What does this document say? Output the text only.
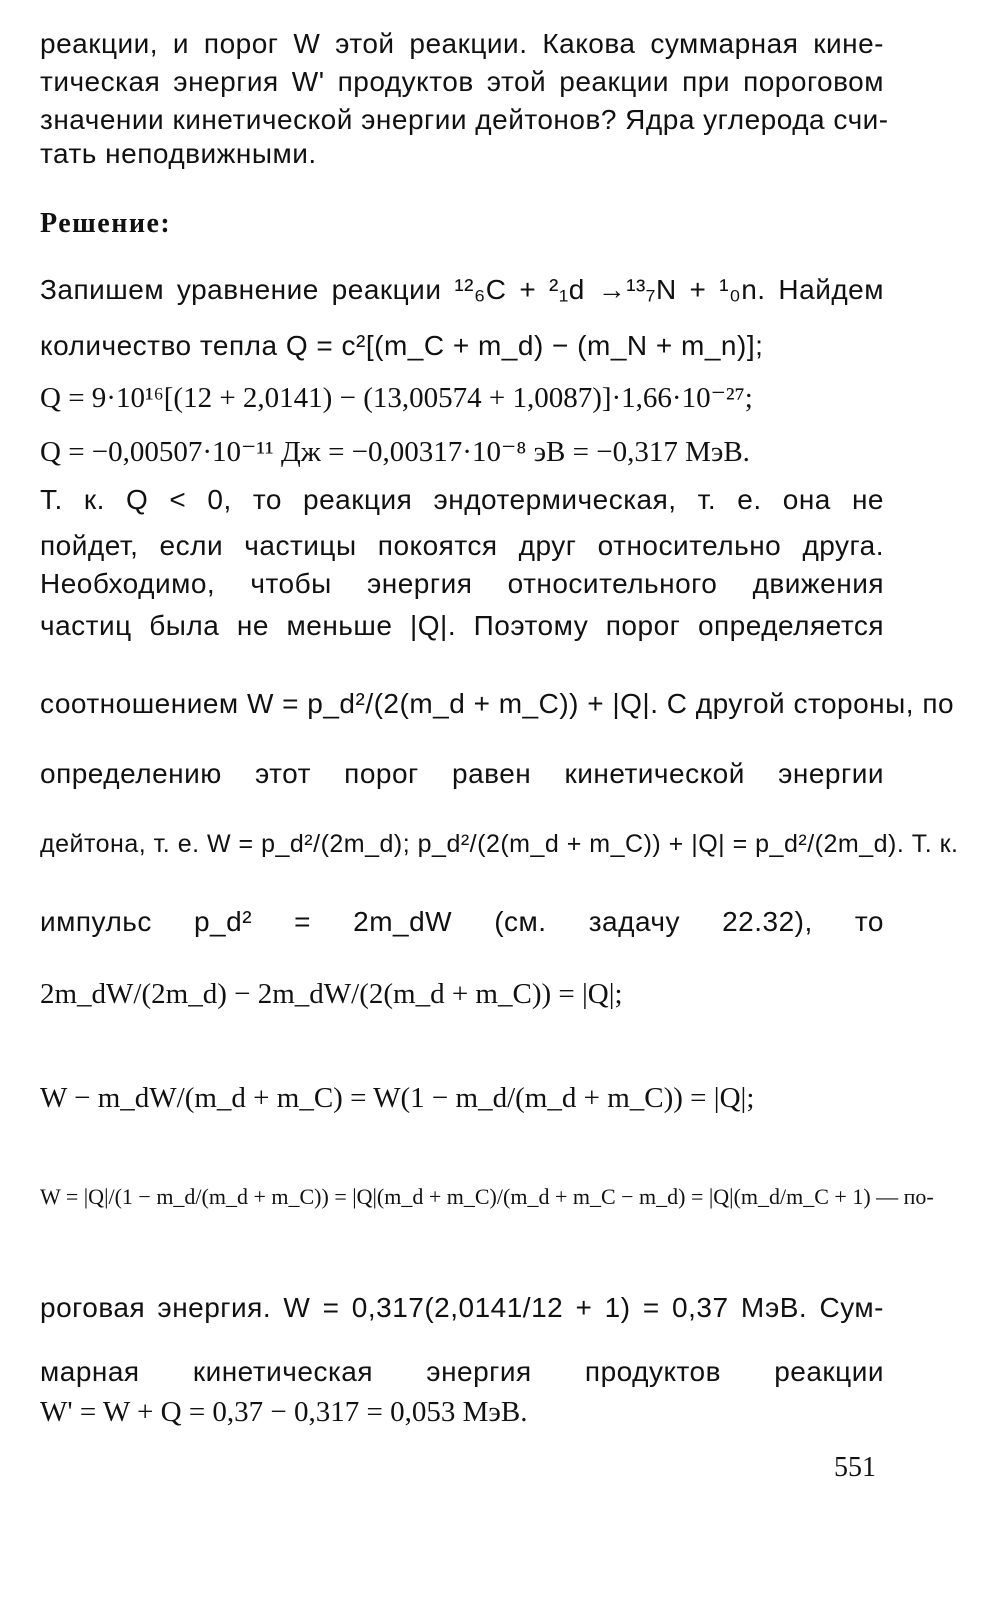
реакции, и порог W этой реакции. Какова суммарная кине-
тическая энергия W' продуктов этой реакции при пороговом
значении кинетической энергии дейтонов? Ядра углерода счи-
тать неподвижными.
Решение:
Запишем уравнение реакции ¹²₆C + ²₁d →¹³₇N + ¹₀n. Найдем
количество тепла Q = c²[(m_C + m_d) − (m_N + m_n)];
Q = 9·10¹⁶[(12 + 2,0141) − (13,00574 + 1,0087)]·1,66·10⁻²⁷;
Q = −0,00507·10⁻¹¹ Дж = −0,00317·10⁻⁸ эВ = −0,317 МэВ.
Т. к. Q < 0, то реакция эндотермическая, т. е. она не
пойдет, если частицы покоятся друг относительно друга.
Необходимо, чтобы энергия относительного движения
частиц была не меньше |Q|. Поэтому порог определяется
соотношением W = p_d²/(2(m_d + m_C)) + |Q|. С другой стороны, по
определению этот порог равен кинетической энергии
дейтона, т. е. W = p_d²/(2m_d); p_d²/(2(m_d + m_C)) + |Q| = p_d²/(2m_d). Т. к.
импульс p_d² = 2m_dW (см. задачу 22.32), то
2m_dW/(2m_d) − 2m_dW/(2(m_d + m_C)) = |Q|;
W − m_dW/(m_d + m_C) = W(1 − m_d/(m_d + m_C)) = |Q|;
W = |Q|/(1 − m_d/(m_d + m_C)) = |Q|(m_d + m_C)/(m_d + m_C − m_d) = |Q|(m_d/m_C + 1) — по-
роговая энергия. W = 0,317(2,0141/12 + 1) = 0,37 МэВ. Сум-
марная кинетическая энергия продуктов реакции
W' = W + Q = 0,37 − 0,317 = 0,053 МэВ.
551
